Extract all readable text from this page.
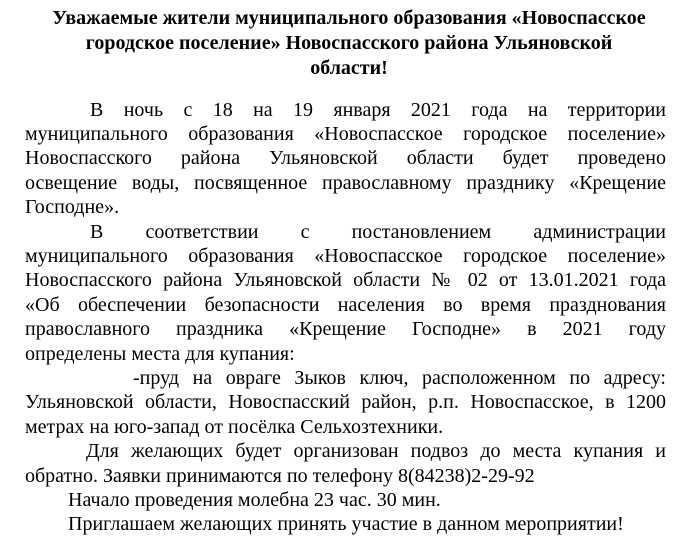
Уважаемые жители муниципального образования «Новоспасское
городское поселение» Новоспасского района Ульяновской
области!
В ночь с 18 на 19 января 2021 года на территории
муниципального образования «Новоспасское городское поселение»
Новоспасского района Ульяновской области будет проведено
освещение воды, посвященное православному празднику «Крещение
Господне».
В соответствии с постановлением администрации
муниципального образования «Новоспасское городское поселение»
Новоспасского района Ульяновской области № 02 от 13.01.2021 года
«Об обеспечении безопасности населения во время празднования
православного праздника «Крещение Господне» в 2021 году
определены места для купания:
-пруд на овраге Зыков ключ, расположенном по адресу:
Ульяновской области, Новоспасский район, р.п. Новоспасское, в 1200
метрах на юго-запад от посёлка Сельхозтехники.
Для желающих будет организован подвоз до места купания и
обратно. Заявки принимаются по телефону 8(84238)2-29-92
Начало проведения молебна 23 час. 30 мин.
Приглашаем желающих принять участие в данном мероприятии!
